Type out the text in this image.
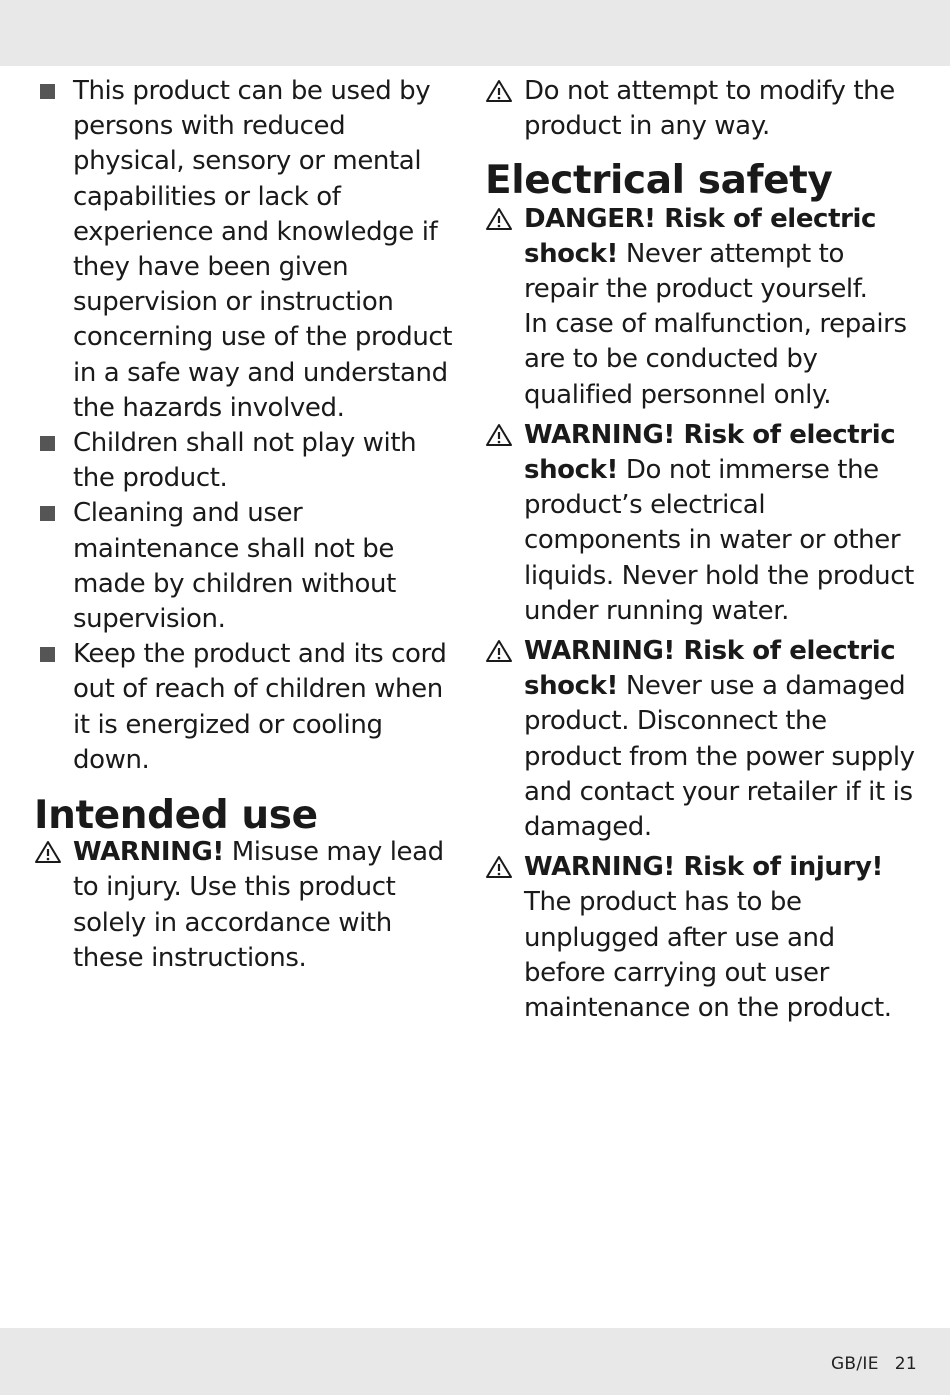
This product can be used by persons with reduced physical, sensory or mental capabilities or lack of experience and knowledge if they have been given supervision or instruction concerning use of the product in a safe way and understand the hazards involved.
Children shall not play with the product.
Cleaning and user maintenance shall not be made by children without supervision.
Keep the product and its cord out of reach of children when it is energized or cooling down.
Intended use
WARNING! Misuse may lead to injury. Use this product solely in accordance with these instructions.
Do not attempt to modify the product in any way.
Electrical safety
DANGER! Risk of electric shock! Never attempt to repair the product yourself.
In case of malfunction, repairs are to be conducted by qualified personnel only.
WARNING! Risk of electric shock! Do not immerse the product’s electrical components in water or other liquids. Never hold the product under running water.
WARNING! Risk of electric shock! Never use a damaged product. Disconnect the product from the power supply and contact your retailer if it is damaged.
WARNING! Risk of injury!
The product has to be unplugged after use and before carrying out user maintenance on the product.
GB/IE 21
